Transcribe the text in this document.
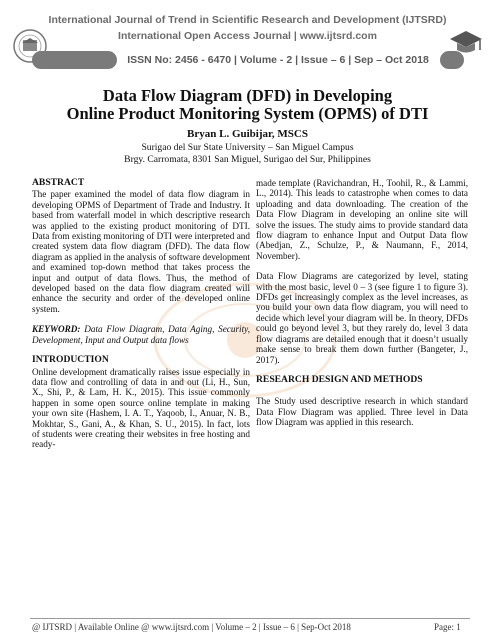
International Journal of Trend in Scientific Research and Development (IJTSRD)
International Open Access Journal | www.ijtsrd.com
ISSN No: 2456 - 6470 | Volume - 2 | Issue – 6 | Sep – Oct 2018
Data Flow Diagram (DFD) in Developing
Online Product Monitoring System (OPMS) of DTI
Bryan L. Guibijar, MSCS
Surigao del Sur State University – San Miguel Campus
Brgy. Carromata, 8301 San Miguel, Surigao del Sur, Philippines
ABSTRACT

The paper examined the model of data flow diagram in developing OPMS of Department of Trade and Industry. It based from waterfall model in which descriptive research was applied to the existing product monitoring of DTI. Data from existing monitoring of DTI were interpreted and created system data flow diagram (DFD). The data flow diagram as applied in the analysis of software development and examined top-down method that takes process the input and output of data flows. Thus, the method of developed based on the data flow diagram created will enhance the security and order of the developed online system.

KEYWORD: Data Flow Diagram, Data Aging, Security, Development, Input and Output data flows

INTRODUCTION

Online development dramatically raises issue especially in data flow and controlling of data in and out (Li, H., Sun, X., Shi, P., & Lam, H. K., 2015). This issue commonly happen in some open source online template in making your own site (Hashem, I. A. T., Yaqoob, I., Anuar, N. B., Mokhtar, S., Gani, A., & Khan, S. U., 2015). In fact, lots of students were creating their websites in free hosting and ready-

made template (Ravichandran, H., Toohil, R., & Lammi, L., 2014). This leads to catastrophe when comes to data uploading and data downloading. The creation of the Data Flow Diagram in developing an online site will solve the issues. The study aims to provide standard data flow diagram to enhance Input and Output Data flow (Abedjan, Z., Schulze, P., & Naumann, F., 2014, November).

Data Flow Diagrams are categorized by level, stating with the most basic, level 0 – 3 (see figure 1 to figure 3). DFDs get increasingly complex as the level increases, as you build your own data flow diagram, you will need to decide which level your diagram will be. In theory, DFDs could go beyond level 3, but they rarely do, level 3 data flow diagrams are detailed enough that it doesn’t usually make sense to break them down further (Bangeter, J., 2017).

RESEARCH DESIGN AND METHODS

The Study used descriptive research in which standard Data Flow Diagram was applied. Three level in Data flow Diagram was applied in this research.

@ IJTSRD | Available Online @ www.ijtsrd.com | Volume – 2 | Issue – 6 | Sep-Oct 2018	Page: 1
